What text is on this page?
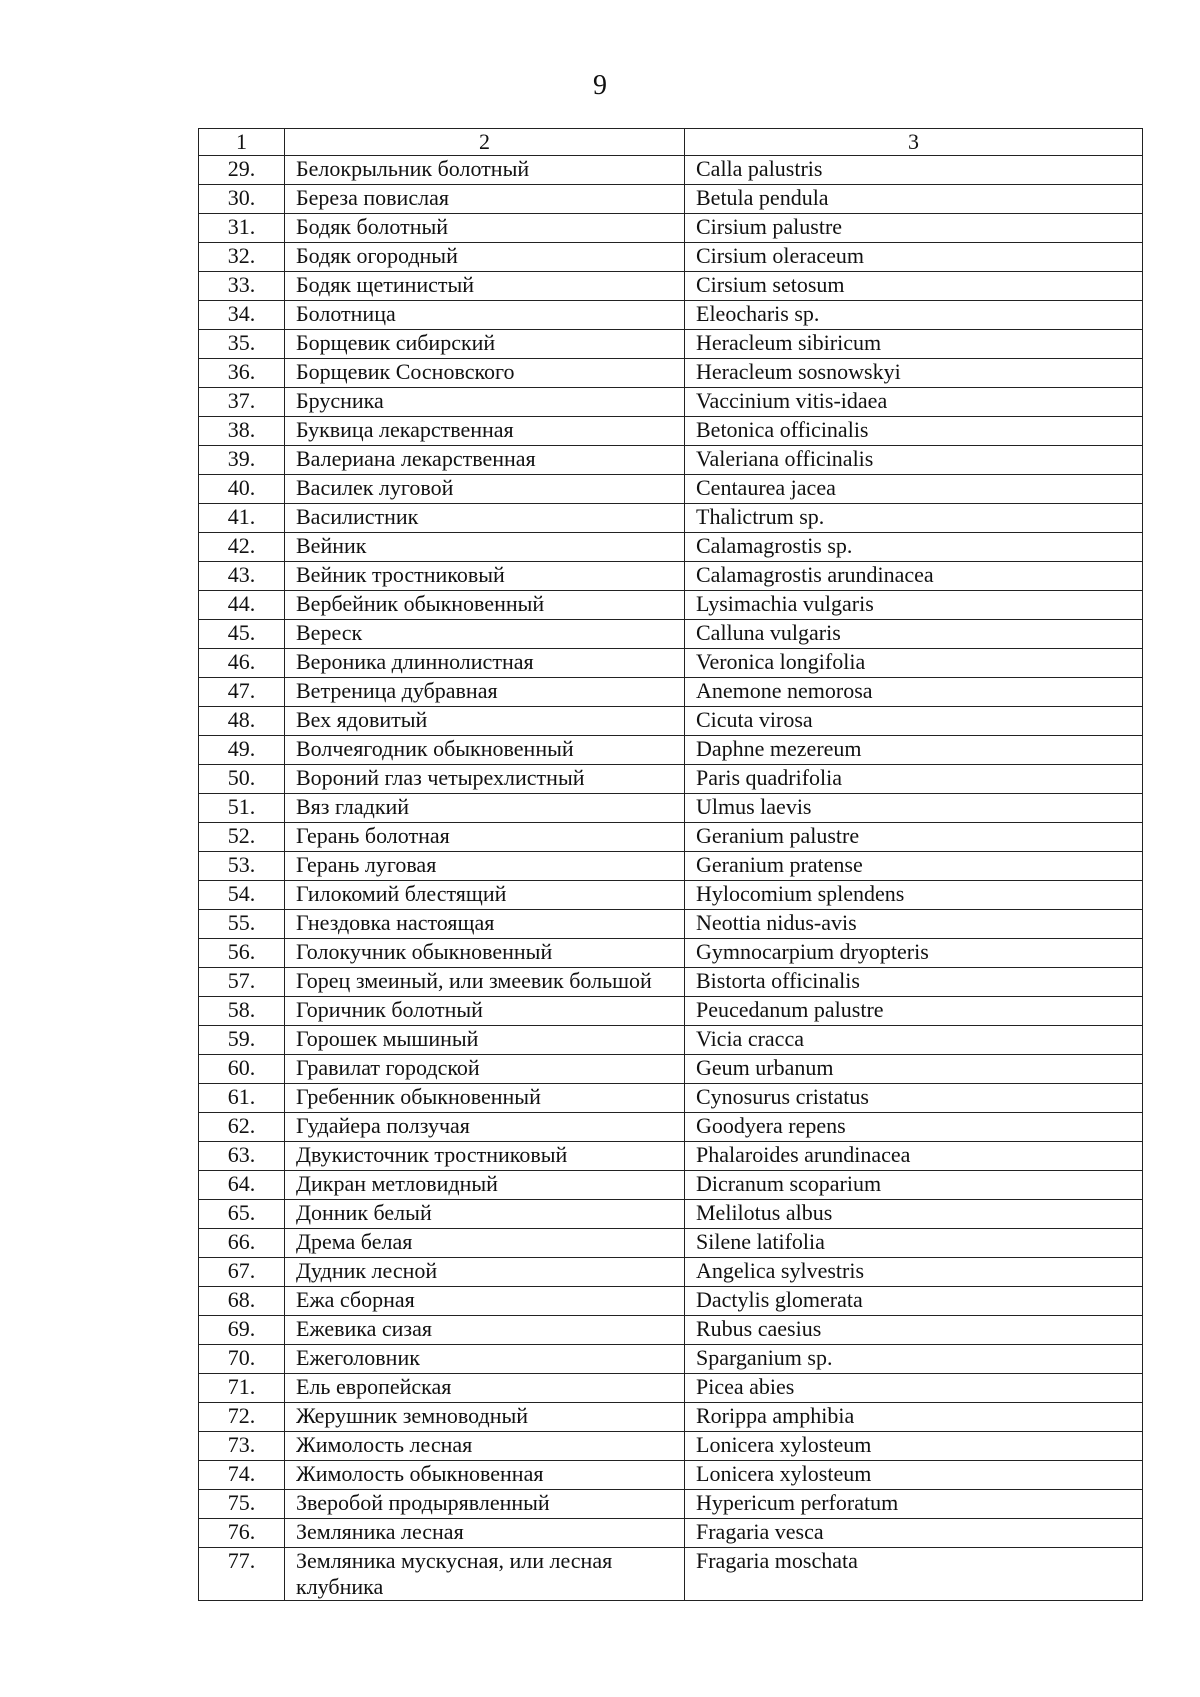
9
1	2	3
29.	Белокрыльник болотный	Calla palustris
30.	Береза повислая	Betula pendula
31.	Бодяк болотный	Cirsium palustre
32.	Бодяк огородный	Cirsium oleraceum
33.	Бодяк щетинистый	Cirsium setosum
34.	Болотница	Eleocharis sp.
35.	Борщевик сибирский	Heracleum sibiricum
36.	Борщевик Сосновского	Heracleum sosnowskyi
37.	Брусника	Vaccinium vitis-idaea
38.	Буквица лекарственная	Betonica officinalis
39.	Валериана лекарственная	Valeriana officinalis
40.	Василек луговой	Centaurea jacea
41.	Василистник	Thalictrum sp.
42.	Вейник	Calamagrostis sp.
43.	Вейник тростниковый	Calamagrostis arundinacea
44.	Вербейник обыкновенный	Lysimachia vulgaris
45.	Вереск	Calluna vulgaris
46.	Вероника длиннолистная	Veronica longifolia
47.	Ветреница дубравная	Anemone nemorosa
48.	Вех ядовитый	Cicuta virosa
49.	Волчеягодник обыкновенный	Daphne mezereum
50.	Вороний глаз четырехлистный	Paris quadrifolia
51.	Вяз гладкий	Ulmus laevis
52.	Герань болотная	Geranium palustre
53.	Герань луговая	Geranium pratense
54.	Гилокомий блестящий	Hylocomium splendens
55.	Гнездовка настоящая	Neottia nidus-avis
56.	Голокучник обыкновенный	Gymnocarpium dryopteris
57.	Горец змеиный, или змеевик большой	Bistorta officinalis
58.	Горичник болотный	Peucedanum palustre
59.	Горошек мышиный	Vicia cracca
60.	Гравилат городской	Geum urbanum
61.	Гребенник обыкновенный	Cynosurus cristatus
62.	Гудайера ползучая	Goodyera repens
63.	Двукисточник тростниковый	Phalaroides arundinacea
64.	Дикран метловидный	Dicranum scoparium
65.	Донник белый	Melilotus albus
66.	Дрема белая	Silene latifolia
67.	Дудник лесной	Angelica sylvestris
68.	Ежа сборная	Dactylis glomerata
69.	Ежевика сизая	Rubus caesius
70.	Ежеголовник	Sparganium sp.
71.	Ель европейская	Picea abies
72.	Жерушник земноводный	Rorippa amphibia
73.	Жимолость лесная	Lonicera xylosteum
74.	Жимолость обыкновенная	Lonicera xylosteum
75.	Зверобой продырявленный	Hypericum perforatum
76.	Земляника лесная	Fragaria vesca
77.	Земляника мускусная, или лесная клубника	Fragaria moschata
